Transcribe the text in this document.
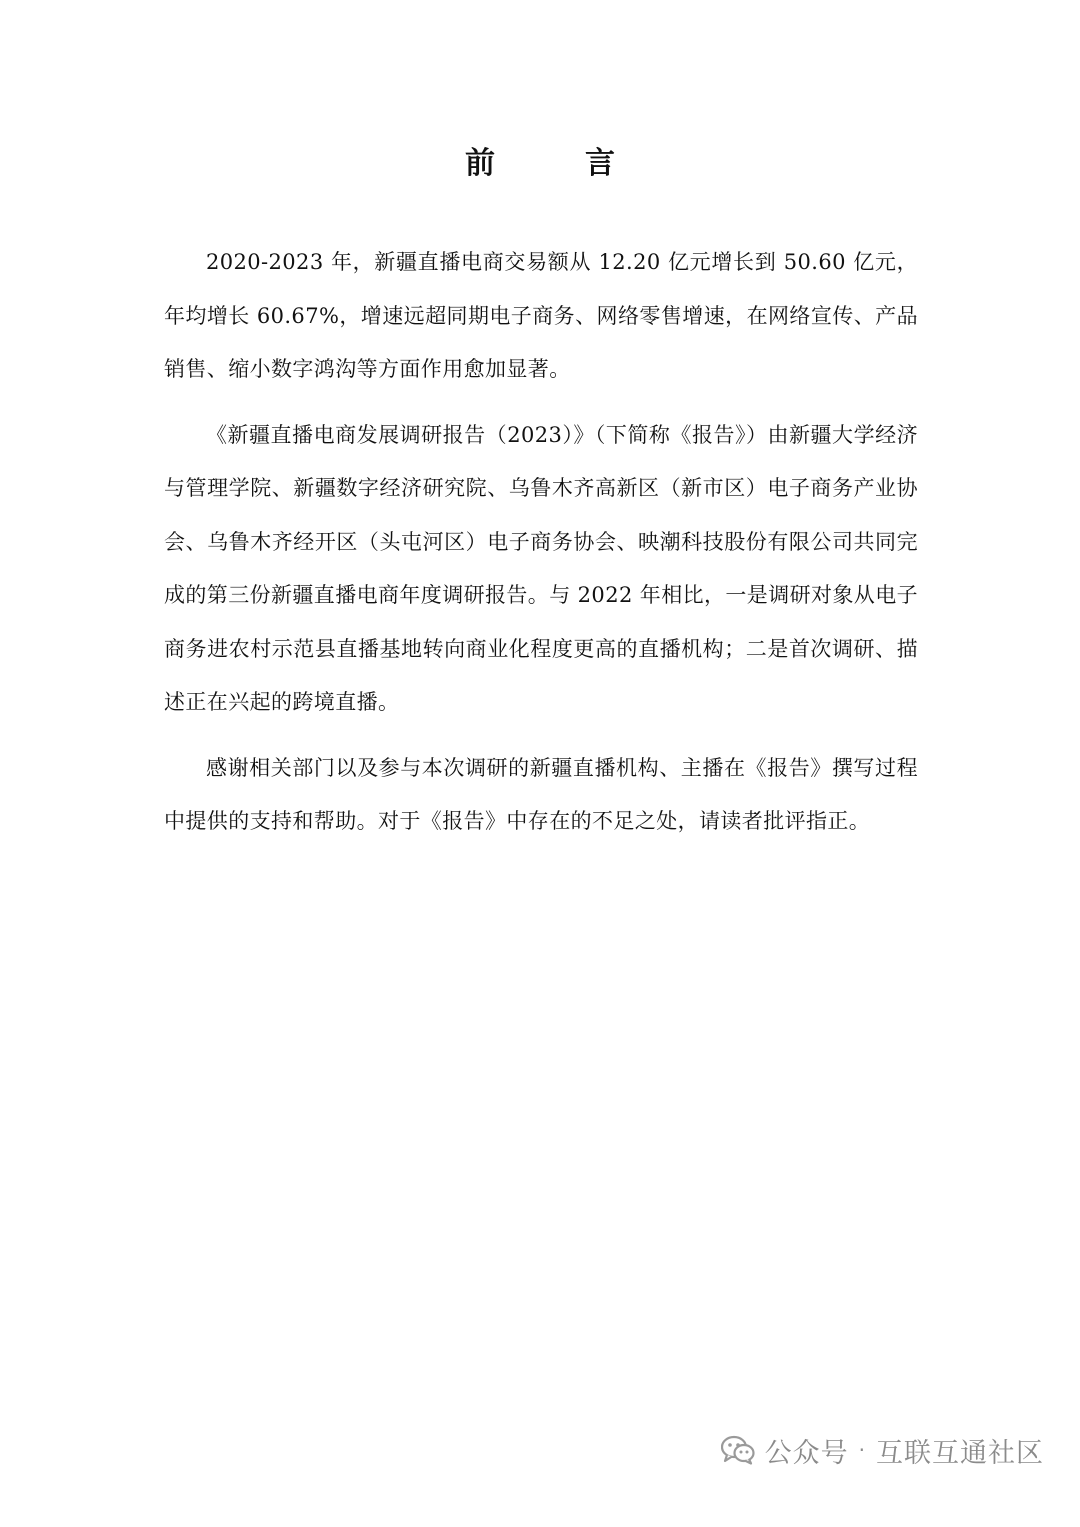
前　言

2020-2023 年，新疆直播电商交易额从 12.20 亿元增长到 50.60 亿元，年均增长 60.67%，增速远超同期电子商务、网络零售增速，在网络宣传、产品销售、缩小数字鸿沟等方面作用愈加显著。

《新疆直播电商发展调研报告（2023）》（下简称《报告》）由新疆大学经济与管理学院、新疆数字经济研究院、乌鲁木齐高新区（新市区）电子商务产业协会、乌鲁木齐经开区（头屯河区）电子商务协会、映潮科技股份有限公司共同完成的第三份新疆直播电商年度调研报告。与 2022 年相比，一是调研对象从电子商务进农村示范县直播基地转向商业化程度更高的直播机构；二是首次调研、描述正在兴起的跨境直播。

感谢相关部门以及参与本次调研的新疆直播机构、主播在《报告》撰写过程中提供的支持和帮助。对于《报告》中存在的不足之处，请读者批评指正。

公众号 · 互联互通社区
